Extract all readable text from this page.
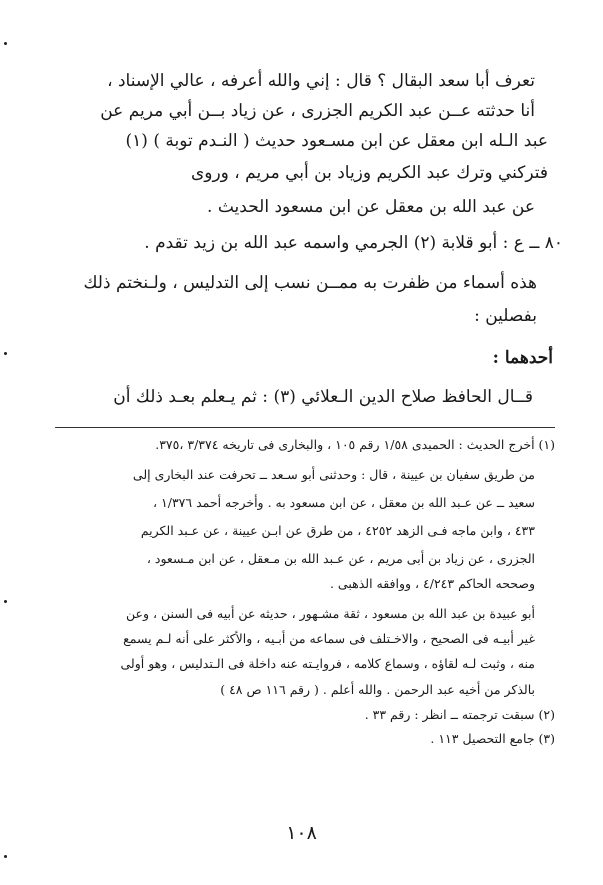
تعرف أبا سعد البقال ؟ قال : إني والله أعرفه ، عالي الإسناد ،
أنا حدثته عــن عبد الكريم الجزرى ، عن زياد بــن أبي مريم عن
عبد الـله ابن معقل عن ابن مسـعود حديث ( النـدم توبة ) (١)
فتركني وترك عبد الكريم وزياد بن أبي مريم ، وروى
عن عبد الله بن معقل عن ابن مسعود الحديث .
٨٠ ــ ع : أبو قلابة (٢) الجرمي واسمه عبد الله بن زيد تقدم .
هذه أسماء من ظفرت به ممــن نسب إلى التدليس ، ولـنختم ذلك
بفصلين :
أحدهما :
قــال الحافظ صلاح الدين الـعلائي (٣) : ثم يـعلم بعـد ذلك أن
(١) أخرج الحديث : الحميدى ١/٥٨ رقم ١٠٥ ، والبخارى فى تاريخه ٣/٣٧٤ ،٣٧٥.
من طريق سفيان بن عيينة ، قال : وحدثنى أبو سـعد ــ تحرفت عند البخارى إلى
سعيد ــ عن عـبد الله بن معقل ، عن ابن مسعود به . وأخرجه أحمد ١/٣٧٦ ،
٤٣٣ ، وابن ماجه فـى الزهد ٤٢٥٢ ، من طرق عن ابـن عيينة ، عن عـبد الكريم
الجزرى ، عن زياد بن أبى مريم ، عن عـبد الله بن مـعقل ، عن ابن مـسعود ،
وصححه الحاكم ٤/٢٤٣ ، ووافقه الذهبى .
أبو عبيدة بن عبد الله بن مسعود ، ثقة مشـهور ، حديثه عن أبيه فى السنن ، وعن
غير أبيـه فى الصحيح ، والاخـتلف فى سماعه من أبـيه ، والأكثر على أنه لـم يسمع
منه ، وثبت لـه لقاؤه ، وسماع كلامه ، فروايـته عنه داخلة فى الـتدليس ، وهو أولى
بالذكر من أخيه عبد الرحمن . والله أعلم . ( رقم ١١٦ ص ٤٨ )
(٢) سبقت ترجمته ــ انظر : رقم ٣٣ .
(٣) جامع التحصيل ١١٣ .
١٠٨
